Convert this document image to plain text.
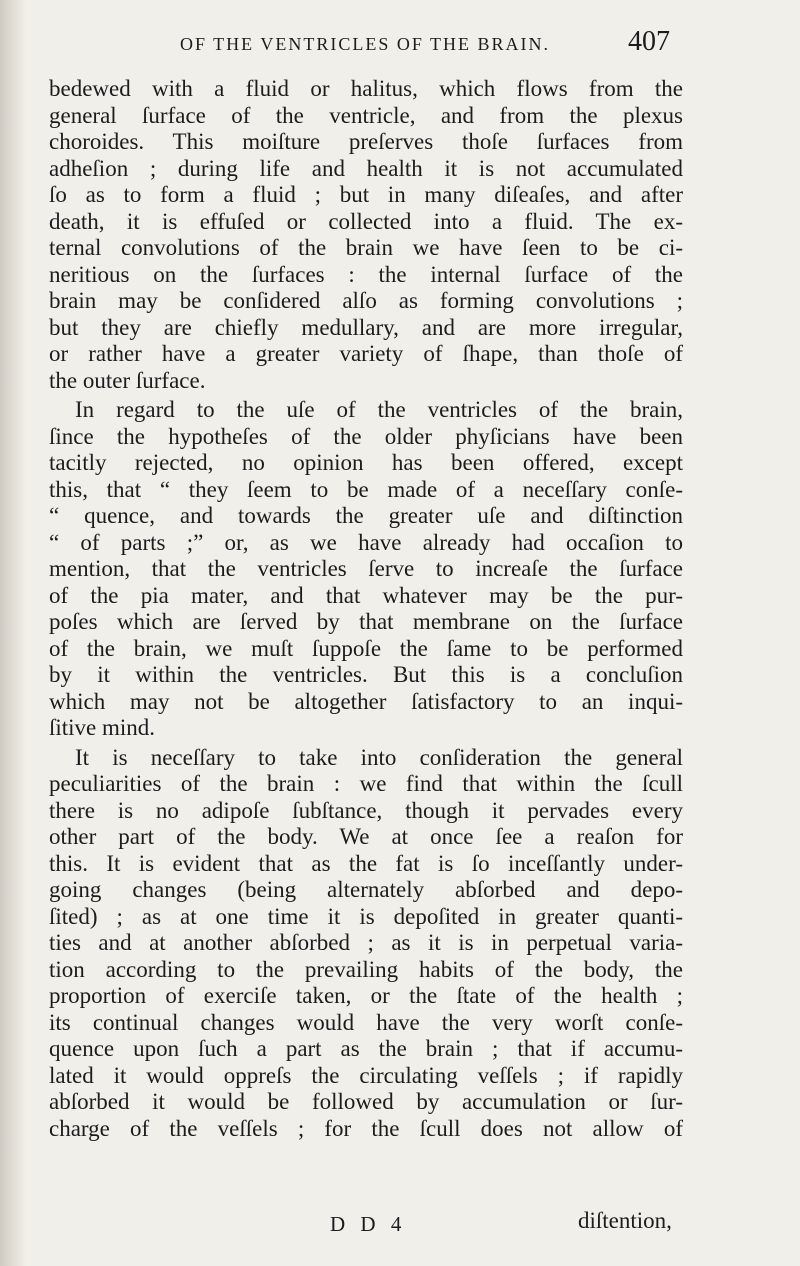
OF THE VENTRICLES OF THE BRAIN.	407
bedewed with a fluid or halitus, which flows from the
general ſurface of the ventricle, and from the plexus
choroides. This moiſture preſerves thoſe ſurfaces from
adheſion ; during life and health it is not accumulated
ſo as to form a fluid ; but in many diſeaſes, and after
death, it is effuſed or collected into a fluid. The ex-
ternal convolutions of the brain we have ſeen to be ci-
neritious on the ſurfaces : the internal ſurface of the
brain may be conſidered alſo as forming convolutions ;
but they are chiefly medullary, and are more irregular,
or rather have a greater variety of ſhape, than thoſe of
the outer ſurface.
In regard to the uſe of the ventricles of the brain,
ſince the hypotheſes of the older phyſicians have been
tacitly rejected, no opinion has been offered, except
this, that “ they ſeem to be made of a neceſſary conſe-
“ quence, and towards the greater uſe and diſtinction
“ of parts ;” or, as we have already had occaſion to
mention, that the ventricles ſerve to increaſe the ſurface
of the pia mater, and that whatever may be the pur-
poſes which are ſerved by that membrane on the ſurface
of the brain, we muſt ſuppoſe the ſame to be performed
by it within the ventricles. But this is a concluſion
which may not be altogether ſatisfactory to an inqui-
ſitive mind.
It is neceſſary to take into conſideration the general
peculiarities of the brain : we find that within the ſcull
there is no adipoſe ſubſtance, though it pervades every
other part of the body. We at once ſee a reaſon for
this. It is evident that as the fat is ſo inceſſantly under-
going changes (being alternately abſorbed and depo-
ſited) ; as at one time it is depoſited in greater quanti-
ties and at another abſorbed ; as it is in perpetual varia-
tion according to the prevailing habits of the body, the
proportion of exerciſe taken, or the ſtate of the health ;
its continual changes would have the very worſt conſe-
quence upon ſuch a part as the brain ; that if accumu-
lated it would oppreſs the circulating veſſels ; if rapidly
abſorbed it would be followed by accumulation or ſur-
charge of the veſſels ; for the ſcull does not allow of
D D 4	diſtention,
